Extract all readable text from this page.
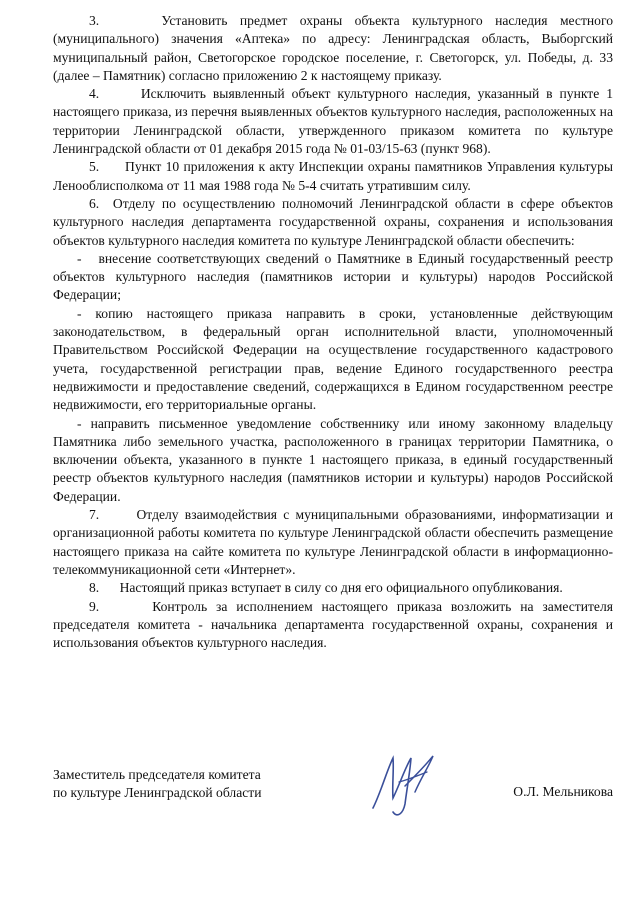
3.     Установить предмет охраны объекта культурного наследия местного (муниципального) значения «Аптека» по адресу: Ленинградская область, Выборгский муниципальный район, Светогорское городское поселение, г. Светогорск, ул. Победы, д. 33 (далее – Памятник) согласно приложению 2 к настоящему приказу.

4.      Исключить выявленный объект культурного наследия, указанный в пункте 1 настоящего приказа, из перечня выявленных объектов культурного наследия, расположенных на территории Ленинградской области, утвержденного приказом комитета по культуре Ленинградской области от 01 декабря 2015 года № 01-03/15-63 (пункт 968).

5.      Пункт 10 приложения к акту Инспекции охраны памятников Управления культуры Ленооблисполкома от 11 мая 1988 года № 5-4 считать утратившим силу.

6.  Отделу по осуществлению полномочий Ленинградской области в сфере объектов культурного наследия департамента государственной охраны, сохранения и использования объектов культурного наследия комитета по культуре Ленинградской области обеспечить:

-   внесение соответствующих сведений о Памятнике в Единый государственный реестр объектов культурного наследия (памятников истории и культуры) народов Российской Федерации;

- копию настоящего приказа направить в сроки, установленные действующим законодательством, в федеральный орган исполнительной власти, уполномоченный Правительством Российской Федерации на осуществление государственного кадастрового учета, государственной регистрации прав, ведение Единого государственного реестра недвижимости и предоставление сведений, содержащихся в Едином государственном реестре недвижимости, его территориальные органы.

- направить письменное уведомление собственнику или иному законному владельцу Памятника либо земельного участка, расположенного в границах территории Памятника, о включении объекта, указанного в пункте 1 настоящего приказа, в единый государственный реестр объектов культурного наследия (памятников истории и культуры) народов Российской Федерации.

7.      Отделу взаимодействия с муниципальными образованиями, информатизации и организационной работы комитета по культуре Ленинградской области обеспечить размещение настоящего приказа на сайте комитета по культуре Ленинградской области в информационно-телекоммуникационной сети «Интернет».

8.      Настоящий приказ вступает в силу со дня его официального опубликования.

9.      Контроль за исполнением настоящего приказа возложить на заместителя председателя комитета - начальника департамента государственной охраны, сохранения и использования объектов культурного наследия.

Заместитель председателя комитета
по культуре Ленинградской области	О.Л. Мельникова
